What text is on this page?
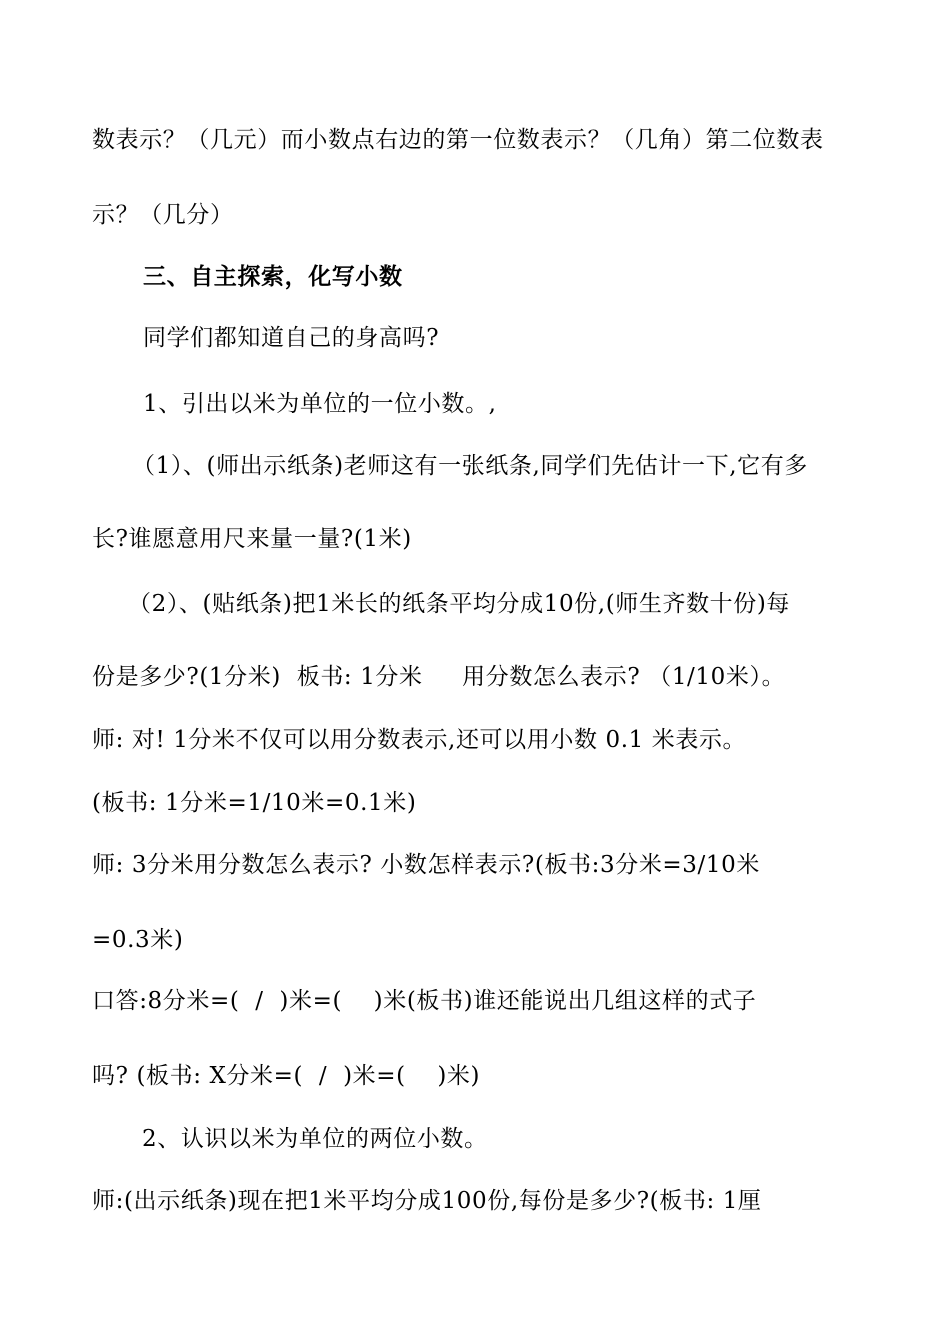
数表示？（几元）而小数点右边的第一位数表示？（几角）第二位数表
示？（几分）
三、自主探索，化写小数
同学们都知道自己的身高吗?
1、引出以米为单位的一位小数。,
（1）、(师出示纸条)老师这有一张纸条,同学们先估计一下,它有多
长?谁愿意用尺来量一量?(1米)
（2）、(贴纸条)把1米长的纸条平均分成10份,(师生齐数十份)每
份是多少?(1分米)  板书: 1分米     用分数怎么表示? （1/10米）。
师: 对! 1分米不仅可以用分数表示,还可以用小数 0.1 米表示。
(板书: 1分米=1/10米=0.1米)
师: 3分米用分数怎么表示? 小数怎样表示?(板书:3分米=3/10米
=0.3米)
口答:8分米=(  /  )米=(    )米(板书)谁还能说出几组这样的式子
吗? (板书: X分米=(  /  )米=(    )米)
2、认识以米为单位的两位小数。
师:(出示纸条)现在把1米平均分成100份,每份是多少?(板书: 1厘
